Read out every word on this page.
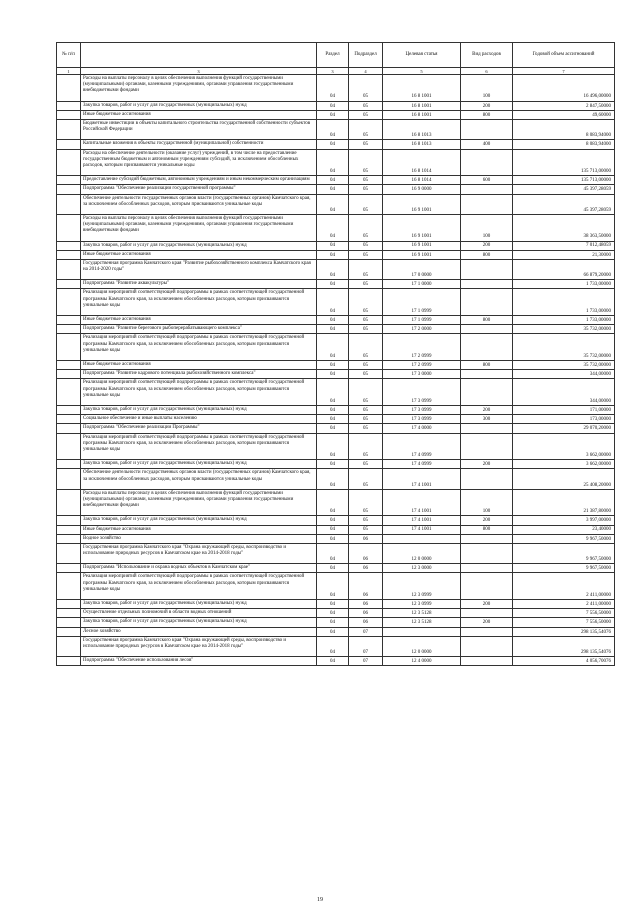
№ п/п		Раздел	Подраздел	Целевая статья	Вид расходов	Годовой объем ассигнований
1	3	3	4	5	6	7
	Расходы на выплаты персоналу в целях обеспечения выполнения функций государственными (муниципальными) органами, казенными учреждениями, органами управления государственными внебюджетными фондами	04	05	16 8 1001	100	16 496,00000
	Закупка товаров, работ и услуг для государственных (муниципальных) нужд	04	05	16 8 1001	200	2 847,50000
	Иные бюджетные ассигнования	04	05	16 8 1001	800	49,60000
	Бюджетные инвестиции в объекты капитального строительства государственной собственности субъектов Российской Федерации	04	05	16 8 1013		8 083,94000
	Капитальные вложения в объекты государственной (муниципальной) собственности	04	05	16 8 1013	400	8 083,94000
	Расходы на обеспечение деятельности (оказание услуг) учреждений, в том числе на предоставление государственным бюджетным и автономным учреждениям субсидий, за исключением обособленных расходов, которым присваиваются уникальные коды	04	05	16 8 1014		135 713,00000
	Предоставление субсидий бюджетным, автономным учреждениям и иным некоммерческим организациям	04	05	16 8 1014	600	135 713,00000
	Подпрограмма "Обеспечение реализации государственной программы"	04	05	16 9 0000		45 397,28059
	Обеспечение деятельности государственных органов власти (государственных органов) Камчатского края, за исключением обособленных расходов, которым присваиваются уникальные коды	04	05	16 9 1001		45 397,28059
	Расходы на выплаты персоналу в целях обеспечения выполнения функций государственными (муниципальными) органами, казенными учреждениями, органами управления государственными внебюджетными фондами	04	05	16 9 1001	100	38 363,50000
	Закупка товаров, работ и услуг для государственных (муниципальных) нужд	04	05	16 9 1001	200	7 012,48059
	Иные бюджетные ассигнования	04	05	16 9 1001	800	21,30000
	Государственная программа Камчатского края "Развитие рыбохозяйственного комплекса Камчатского края на 2014-2020 годы"	04	05	17 0 0000		66 879,20000
	Подпрограмма "Развитие аквакультуры"	04	05	17 1 0000		1 733,00000
	Реализация мероприятий соответствующей подпрограммы в рамках соответствующей государственной программы Камчатского края, за исключением обособленных расходов, которым присваиваются уникальные коды	04	05	17 1 0999		1 733,00000
	Иные бюджетные ассигнования	04	05	17 1 0999	800	1 733,00000
	Подпрограмма "Развитие берегового рыбоперерабатывающего комплекса"	04	05	17 2 0000		35 732,00000
	Реализация мероприятий соответствующей подпрограммы в рамках соответствующей государственной программы Камчатского края, за исключением обособленных расходов, которым присваиваются уникальные коды	04	05	17 2 0999		35 732,00000
	Иные бюджетные ассигнования	04	05	17 2 0999	800	35 732,00000
	Подпрограмма "Развитие кадрового потенциала рыбохозяйственного комплекса"	04	05	17 3 0000		344,00000
	Реализация мероприятий соответствующей подпрограммы в рамках соответствующей государственной программы Камчатского края, за исключением обособленных расходов, которым присваиваются уникальные коды	04	05	17 3 0999		344,00000
	Закупка товаров, работ и услуг для государственных (муниципальных) нужд	04	05	17 3 0999	200	171,00000
	Социальное обеспечение и иные выплаты населению	04	05	17 3 0999	300	173,00000
	Подпрограмма "Обеспечение реализации Программы"	04	05	17 4 0000		29 070,20000
	Реализация мероприятий соответствующей подпрограммы в рамках соответствующей государственной программы Камчатского края, за исключением обособленных расходов, которым присваиваются уникальные коды	04	05	17 4 0999		3 662,00000
	Закупка товаров, работ и услуг для государственных (муниципальных) нужд	04	05	17 4 0999	200	3 662,00000
	Обеспечение деятельности государственных органов власти (государственных органов) Камчатского края, за исключением обособленных расходов, которым присваиваются уникальные коды	04	05	17 4 1001		25 408,20000
	Расходы на выплаты персоналу в целях обеспечения выполнения функций государственными (муниципальными) органами, казенными учреждениями, органами управления государственными внебюджетными фондами	04	05	17 4 1001	100	21 387,80000
	Закупка товаров, работ и услуг для государственных (муниципальных) нужд	04	05	17 4 1001	200	3 997,00000
	Иные бюджетные ассигнования	04	05	17 4 1001	800	23,40000
	Водное хозяйство	04	06			9 967,50000
	Государственная программа Камчатского края "Охрана окружающей среды, воспроизводство и использование природных ресурсов в Камчатском крае на 2014-2018 годы"	04	06	12 0 0000		9 967,50000
	Подпрограмма "Использование и охрана водных объектов в Камчатском крае"	04	06	12 3 0000		9 967,50000
	Реализация мероприятий соответствующей подпрограммы в рамках соответствующей государственной программы Камчатского края, за исключением обособленных расходов, которым присваиваются уникальные коды	04	06	12 3 0999		2 411,00000
	Закупка товаров, работ и услуг для государственных (муниципальных) нужд	04	06	12 3 0999	200	2 411,00000
	Осуществление отдельных полномочий в области водных отношений	04	06	12 3 5128		7 556,50000
	Закупка товаров, работ и услуг для государственных (муниципальных) нужд	04	06	12 3 5128	200	7 556,50000
	Лесное хозяйство	04	07			298 135,54076
	Государственная программа Камчатского края "Охрана окружающей среды, воспроизводство и использование природных ресурсов в Камчатском крае на 2014-2018 годы"	04	07	12 0 0000		298 135,54076
	Подпрограмма "Обеспечение использования лесов"	04	07	12 4 0000		4 056,70076
19
